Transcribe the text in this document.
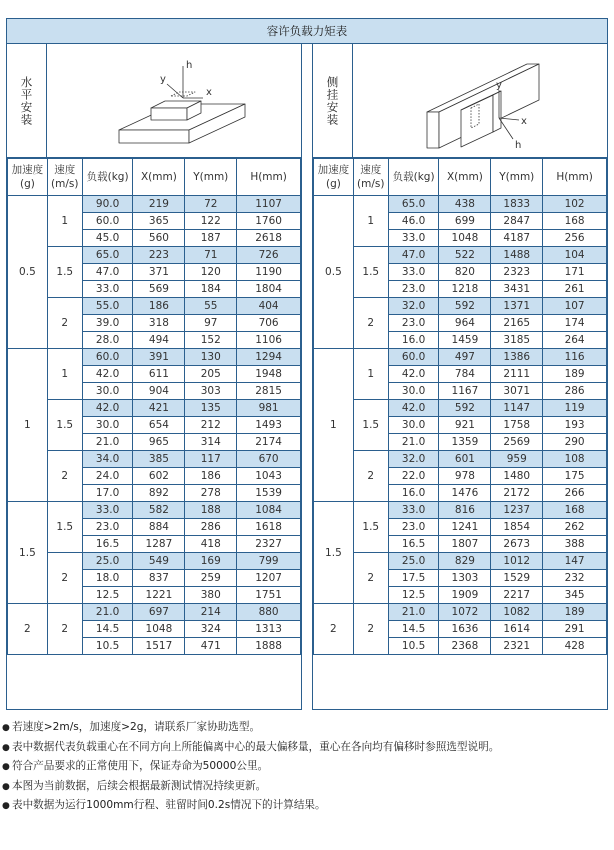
容许负载力矩表
水平安装
h
x
y
加速度
(g)	速度
(m/s)	负载(kg)	X(mm)	Y(mm)	H(mm)
0.5	1	90.0	219	72	1107
		60.0	365	122	1760
		45.0	560	187	2618
	1.5	65.0	223	71	726
		47.0	371	120	1190
		33.0	569	184	1804
	2	55.0	186	55	404
		39.0	318	97	706
		28.0	494	152	1106
1	1	60.0	391	130	1294
		42.0	611	205	1948
		30.0	904	303	2815
	1.5	42.0	421	135	981
		30.0	654	212	1493
		21.0	965	314	2174
	2	34.0	385	117	670
		24.0	602	186	1043
		17.0	892	278	1539
1.5	1.5	33.0	582	188	1084
		23.0	884	286	1618
		16.5	1287	418	2327
	2	25.0	549	169	799
		18.0	837	259	1207
		12.5	1221	380	1751
2	2	21.0	697	214	880
		14.5	1048	324	1313
		10.5	1517	471	1888
侧挂安装	y
x
h
加速度
(g)	速度
(m/s)	负载(kg)	X(mm)	Y(mm)	H(mm)
0.5	1	65.0	438	1833	102
		46.0	699	2847	168
		33.0	1048	4187	256
	1.5	47.0	522	1488	104
		33.0	820	2323	171
		23.0	1218	3431	261
	2	32.0	592	1371	107
		23.0	964	2165	174
		16.0	1459	3185	264
1	1	60.0	497	1386	116
		42.0	784	2111	189
		30.0	1167	3071	286
	1.5	42.0	592	1147	119
		30.0	921	1758	193
		21.0	1359	2569	290
	2	32.0	601	959	108
		22.0	978	1480	175
		16.0	1476	2172	266
1.5	1.5	33.0	816	1237	168
		23.0	1241	1854	262
		16.5	1807	2673	388
	2	25.0	829	1012	147
		17.5	1303	1529	232
		12.5	1909	2217	345
2	2	21.0	1072	1082	189
		14.5	1636	1614	291
		10.5	2368	2321	428
● 若速度>2m/s，加速度>2g，请联系厂家协助选型。
● 表中数据代表负载重心在不同方向上所能偏离中心的最大偏移量，重心在各向均有偏移时参照选型说明。
● 符合产品要求的正常使用下，保证寿命为50000公里。
● 本图为当前数据，后续会根据最新测试情况持续更新。
● 表中数据为运行1000mm行程、驻留时间0.2s情况下的计算结果。
